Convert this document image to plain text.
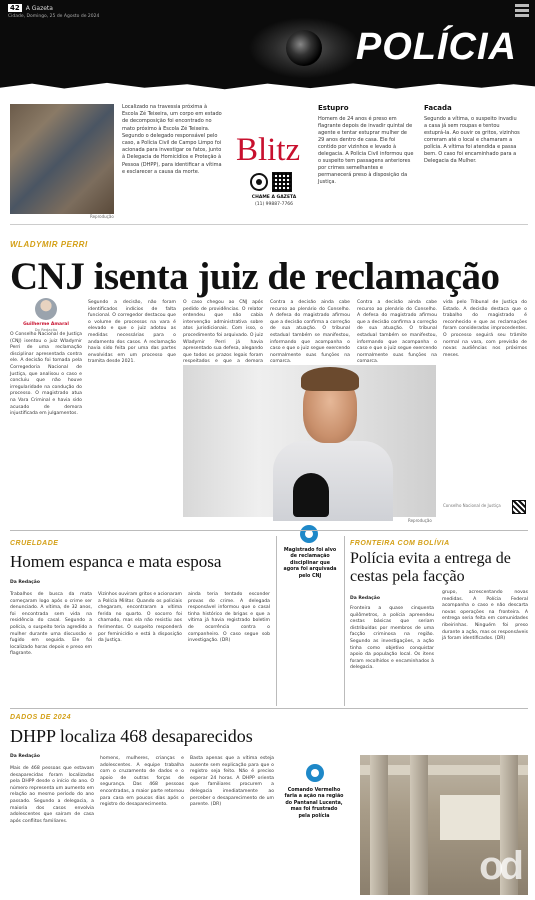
42	A Gazeta
Cidade, Domingo, 25 de Agosto de 2024
POLÍCIA
Reprodução
Localizado na travessia próxima à Escola Zé Teixeira, um corpo em estado de decomposição foi encontrado no mato próximo à Escola Zé Teixeira. Segundo o delegado responsável pelo caso, a Polícia Civil de Campo Limpo foi acionada para investigar os fatos, junto à Delegacia de Homicídios e Proteção à Pessoa (DHPP), para identificar a vítima e esclarecer a causa da morte.
Blitz
CHAME A GAZETA
(11) 99887-7766
Estupro

Homem de 24 anos é preso em flagrante depois de invadir quintal de agente e tentar estuprar mulher de 29 anos dentro de casa. Ele foi contido por vizinhos e levado à delegacia. A Polícia Civil informou que o suspeito tem passagens anteriores por crimes semelhantes e permanecerá preso à disposição da Justiça.

Facada

Segundo a vítima, o suspeito invadiu a casa já sem roupas e tentou estuprá-la. Ao ouvir os gritos, vizinhos correram até o local e chamaram a polícia. A vítima foi atendida e passa bem. O caso foi encaminhado para a Delegacia da Mulher.

WLADYMIR PERRI
CNJ isenta juiz de reclamação
Guilherme Amaral
Do Redação
O Conselho Nacional de Justiça (CNJ) isentou o juiz Wladymir Perri de uma reclamação disciplinar apresentada contra ele. A decisão foi tomada pela Corregedoria Nacional de Justiça, que analisou o caso e concluiu que não houve irregularidade na condução do processo. O magistrado atua na Vara Criminal e havia sido acusado de demora injustificada em julgamentos.
Segundo a decisão, não foram identificados indícios de falta funcional. O corregedor destacou que o volume de processos na vara é elevado e que o juiz adotou as medidas necessárias para o andamento dos casos. A reclamação havia sido feita por uma das partes envolvidas em um processo que tramita desde 2021.
O caso chegou ao CNJ após pedido de providências. O relator entendeu que não cabia intervenção administrativa sobre atos jurisdicionais. Com isso, o procedimento foi arquivado. O juiz Wladymir Perri já havia apresentado sua defesa, alegando que todos os prazos legais foram respeitados e que a demora
Contra a decisão ainda cabe recurso ao plenário do Conselho. A defesa do magistrado afirmou que a decisão confirma a correção de sua atuação. O tribunal estadual também se manifestou, informando que acompanha o caso e que o juiz segue exercendo normalmente suas funções na comarca.
Contra a decisão ainda cabe recurso ao plenário do Conselho. A defesa do magistrado afirmou que a decisão confirma a correção de sua atuação. O tribunal estadual também se manifestou, informando que acompanha o caso e que o juiz segue exercendo normalmente suas funções na comarca.
vida pelo Tribunal de Justiça do Estado. A decisão destaca que o trabalho do magistrado é reconhecido e que as reclamações foram consideradas improcedentes. O processo seguirá seu trâmite normal na vara, com previsão de novas audiências nos próximos meses.
Reprodução
Conselho Nacional de Justiça
Magistrado foi alvo de reclamação disciplinar que agora foi arquivada pelo CNJ
CRUELDADE
Homem espanca e mata esposa
Da Redação
Trabalhos de busca da mata começaram logo após o crime ser denunciado. A vítima, de 32 anos, foi encontrada sem vida na residência do casal. Segundo a polícia, o suspeito teria agredido a mulher durante uma discussão e fugido em seguida. Ele foi localizado horas depois e preso em flagrante.
Vizinhos ouviram gritos e acionaram a Polícia Militar. Quando os policiais chegaram, encontraram a vítima ferida no quarto. O socorro foi chamado, mas ela não resistiu aos ferimentos. O suspeito responderá por feminicídio e está à disposição da Justiça.
ainda teria tentado esconder provas do crime. A delegada responsável informou que o casal tinha histórico de brigas e que a vítima já havia registrado boletim de ocorrência contra o companheiro. O caso segue sob investigação. (DR)
FRONTEIRA COM BOLÍVIA
Polícia evita a entrega de cestas pela facção
Da Redação
Fronteira a quase cinquenta quilômetros, a polícia apreendeu cestas básicas que seriam distribuídas por membros de uma facção criminosa na região. Segundo as investigações, a ação tinha como objetivo conquistar apoio da população local. Os itens foram recolhidos e encaminhados à delegacia.
grupo, acrescentando novas medidas. A Polícia Federal acompanha o caso e não descarta novas operações na fronteira. A entrega seria feita em comunidades ribeirinhas. Ninguém foi preso durante a ação, mas os responsáveis já foram identificados. (DR)
DADOS DE 2024
DHPP localiza 468 desaparecidos
Da Redação
Mais de 468 pessoas que estavam desaparecidas foram localizadas pela DHPP desde o início do ano. O número representa um aumento em relação ao mesmo período do ano passado. Segundo a delegacia, a maioria dos casos envolvia adolescentes que saíram de casa após conflitos familiares.
homens, mulheres, crianças e adolescentes. A equipe trabalha com o cruzamento de dados e o apoio de outras forças de segurança. Das 468 pessoas encontradas, a maior parte retornou para casa em poucos dias após o registro do desaparecimento.
Basta apenas que a vítima esteja ausente sem explicação para que o registro seja feito. Não é preciso esperar 24 horas. A DHPP orienta que familiares procurem a delegacia imediatamente ao perceber o desaparecimento de um parente. (DR)
Comando Vermelho faria a ação na região do Pantanal Lucenta, mas foi frustrado pela polícia
od
